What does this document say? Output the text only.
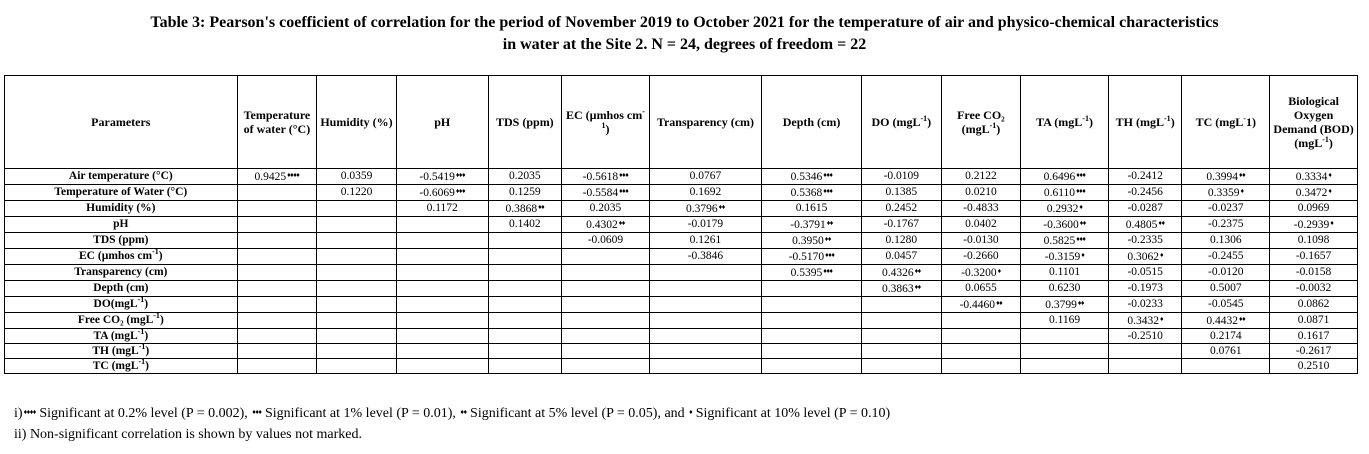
Table 3: Pearson's coefficient of correlation for the period of November 2019 to October 2021 for the temperature of air and physico-chemical characteristics
in water at the Site 2. N = 24, degrees of freedom = 22
Parameters	Temperature of water (°C)	Humidity (%)	pH	TDS (ppm)	EC (µmhos $cm^{-1}$)	Transparency (cm)	Depth (cm)	DO (mgL$^{-1}$)	Free CO₂ (mgL$^{-1}$)	TA (mgL$^{-1}$)	TH (mgL$^{-1}$)	TC (mgL-1)	Biological Oxygen Demand (BOD) (mgL$^{-1}$)
Air temperature (°C)	0.9425♦♦♦♦	0.0359	-0.5419♦♦♦	0.2035	-0.5618♦♦♦	0.0767	0.5346♦♦♦	-0.0109	0.2122	0.6496♦♦♦	-0.2412	0.3994♦♦	0.3334♦
Temperature of Water (°C)		0.1220	-0.6069♦♦♦	0.1259	-0.5584♦♦♦	0.1692	0.5368♦♦♦	0.1385	0.0210	0.6110♦♦♦	-0.2456	0.3359♦	0.3472♦
Humidity (%)			0.1172	0.3868♦♦	0.2035	0.3796♦♦	0.1615	0.2452	-0.4833	0.2932♦	-0.0287	-0.0237	0.0969
pH				0.1402	0.4302♦♦	-0.0179	-0.3791♦♦	-0.1767	0.0402	-0.3600♦♦	0.4805♦♦	-0.2375	-0.2939♦
TDS (ppm)					-0.0609	0.1261	0.3950♦♦	0.1280	-0.0130	0.5825♦♦♦	-0.2335	0.1306	0.1098
EC (µmhos $cm^{-1}$)						-0.3846	-0.5170♦♦♦	0.0457	-0.2660	-0.3159♦	0.3062♦	-0.2455	-0.1657
Transparency (cm)							0.5395♦♦♦	0.4326♦♦	-0.3200♦	0.1101	-0.0515	-0.0120	-0.0158
Depth (cm)								0.3863♦♦	0.0655	0.6230	-0.1973	0.5007	-0.0032
DO(mgL$^{-1}$)									-0.4460♦♦	0.3799♦♦	-0.0233	-0.0545	0.0862
Free CO₂ (mgL$^{-1}$)										0.1169	0.3432♦	0.4432♦♦	0.0871
TA (mgL$^{-1}$)											-0.2510	0.2174	0.1617
TH (mgL$^{-1}$)												0.0761	-0.2617
TC (mgL$^{-1}$)													0.2510
i)♦♦♦♦ Significant at 0.2% level (P = 0.002), ♦♦♦ Significant at 1% level (P = 0.01), ♦♦ Significant at 5% level (P = 0.05), and ♦ Significant at 10% level (P = 0.10)
ii) Non-significant correlation is shown by values not marked.
